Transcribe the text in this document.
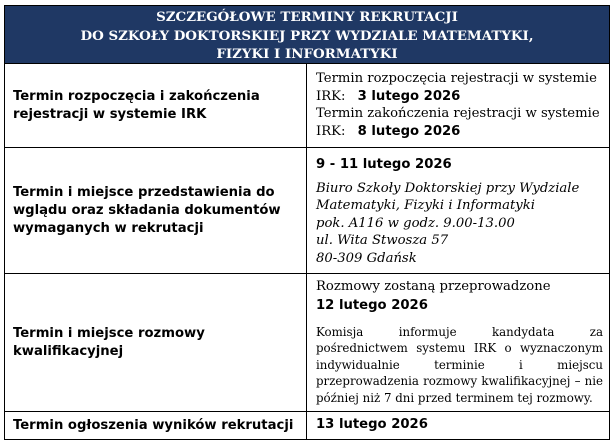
SZCZEGÓŁOWE TERMINY REKRUTACJI
DO SZKOŁY DOKTORSKIEJ PRZY WYDZIALE MATEMATYKI,
FIZYKI I INFORMATYKI
Termin rozpoczęcia i zakończenia rejestracji w systemie IRK
Termin rozpoczęcia rejestracji w systemie
IRK: 3 lutego 2026
Termin zakończenia rejestracji w systemie
IRK: 8 lutego 2026
Termin i miejsce przedstawienia do wglądu oraz składania dokumentów wymaganych w rekrutacji
9 - 11 lutego 2026
Biuro Szkoły Doktorskiej przy Wydziale
Matematyki, Fizyki i Informatyki
pok. A116 w godz. 9.00-13.00
ul. Wita Stwosza 57
80-309 Gdańsk
Termin i miejsce rozmowy kwalifikacyjnej
Rozmowy zostaną przeprowadzone
12 lutego 2026
Komisja informuje kandydata za pośrednictwem systemu IRK o wyznaczonym indywidualnie terminie i miejscu przeprowadzenia rozmowy kwalifikacyjnej – nie później niż 7 dni przed terminem tej rozmowy.
Termin ogłoszenia wyników rekrutacji	13 lutego 2026
